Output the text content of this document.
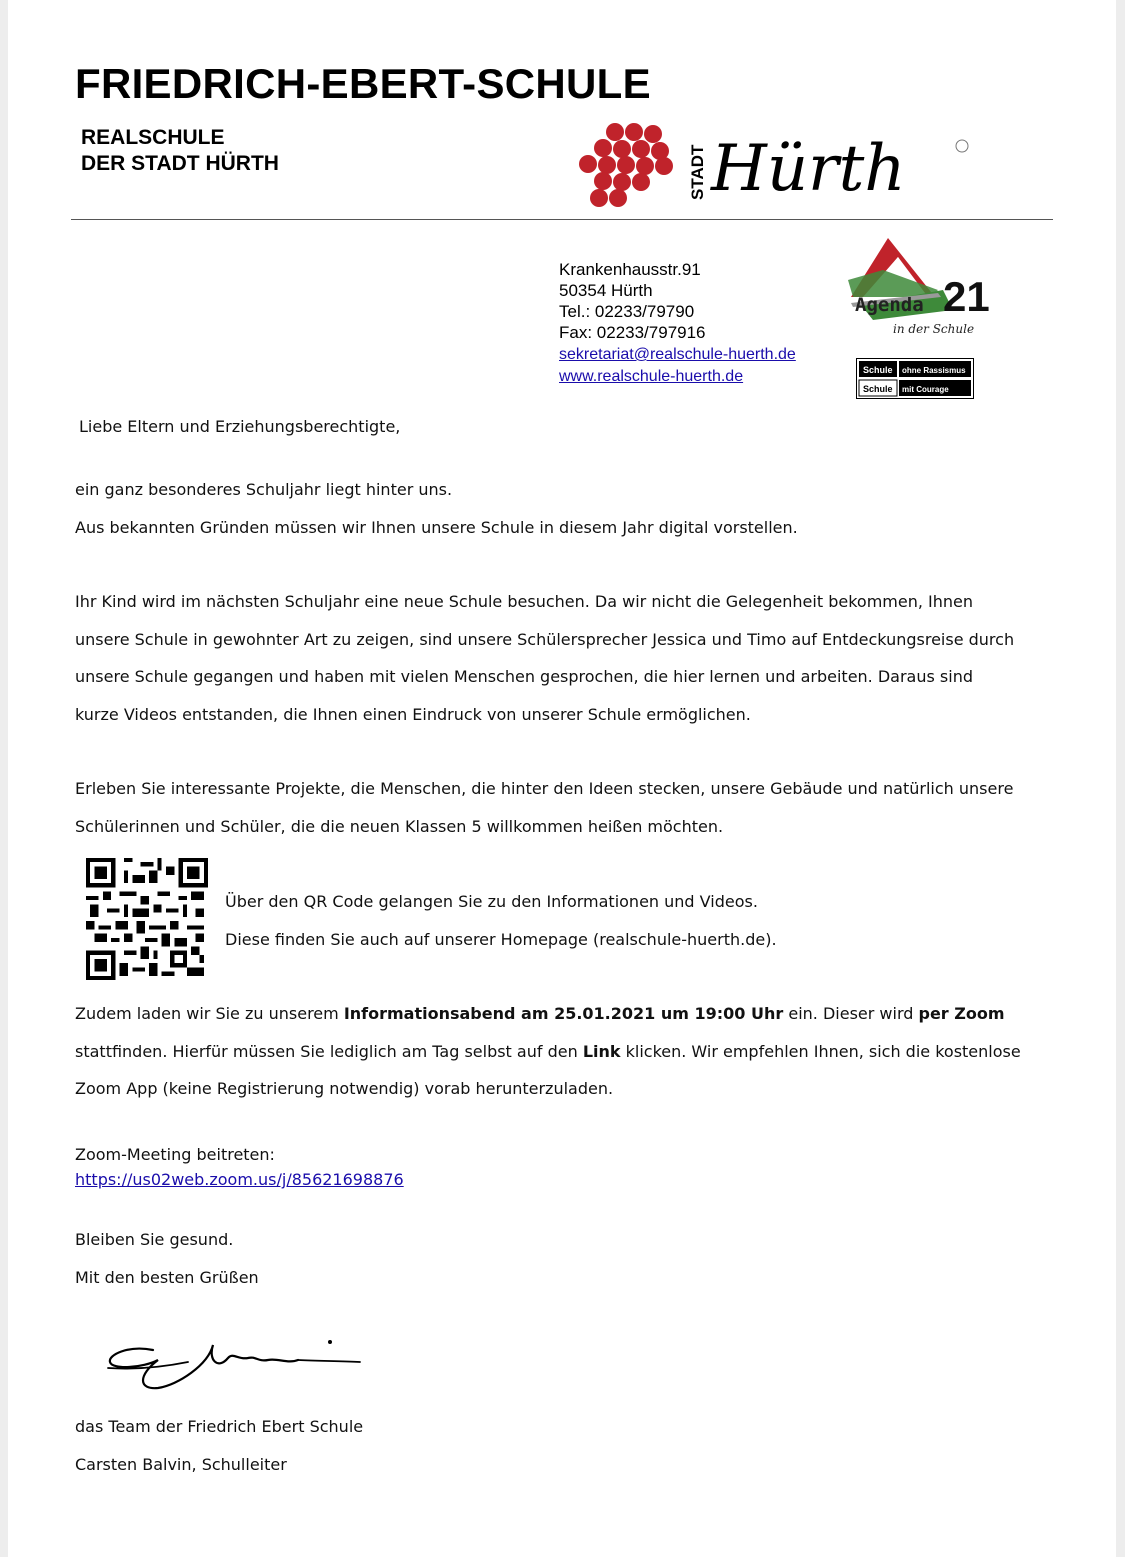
FRIEDRICH-EBERT-SCHULE
REALSCHULE
DER STADT HÜRTH	STADT Hürth
Krankenhausstr.91
50354 Hürth
Tel.: 02233/79790
Fax: 02233/797916
sekretariat@realschule-huerth.de
www.realschule-huerth.de
Agenda 21
in der Schule
Schule ohne Rassismus
Schule mit Courage
Liebe Eltern und Erziehungsberechtigte,
ein ganz besonderes Schuljahr liegt hinter uns.
Aus bekannten Gründen müssen wir Ihnen unsere Schule in diesem Jahr digital vorstellen.
Ihr Kind wird im nächsten Schuljahr eine neue Schule besuchen. Da wir nicht die Gelegenheit bekommen, Ihnen
unsere Schule in gewohnter Art zu zeigen, sind unsere Schülersprecher Jessica und Timo auf Entdeckungsreise durch
unsere Schule gegangen und haben mit vielen Menschen gesprochen, die hier lernen und arbeiten. Daraus sind
kurze Videos entstanden, die Ihnen einen Eindruck von unserer Schule ermöglichen.
Erleben Sie interessante Projekte, die Menschen, die hinter den Ideen stecken, unsere Gebäude und natürlich unsere
Schülerinnen und Schüler, die die neuen Klassen 5 willkommen heißen möchten.
Über den QR Code gelangen Sie zu den Informationen und Videos.
Diese finden Sie auch auf unserer Homepage (realschule-huerth.de).
Zudem laden wir Sie zu unserem Informationsabend am 25.01.2021 um 19:00 Uhr ein. Dieser wird per Zoom
stattfinden. Hierfür müssen Sie lediglich am Tag selbst auf den Link klicken. Wir empfehlen Ihnen, sich die kostenlose
Zoom App (keine Registrierung notwendig) vorab herunterzuladen.
Zoom-Meeting beitreten:
https://us02web.zoom.us/j/85621698876
Bleiben Sie gesund.
Mit den besten Grüßen
das Team der Friedrich Ebert Schule
Carsten Balvin, Schulleiter
